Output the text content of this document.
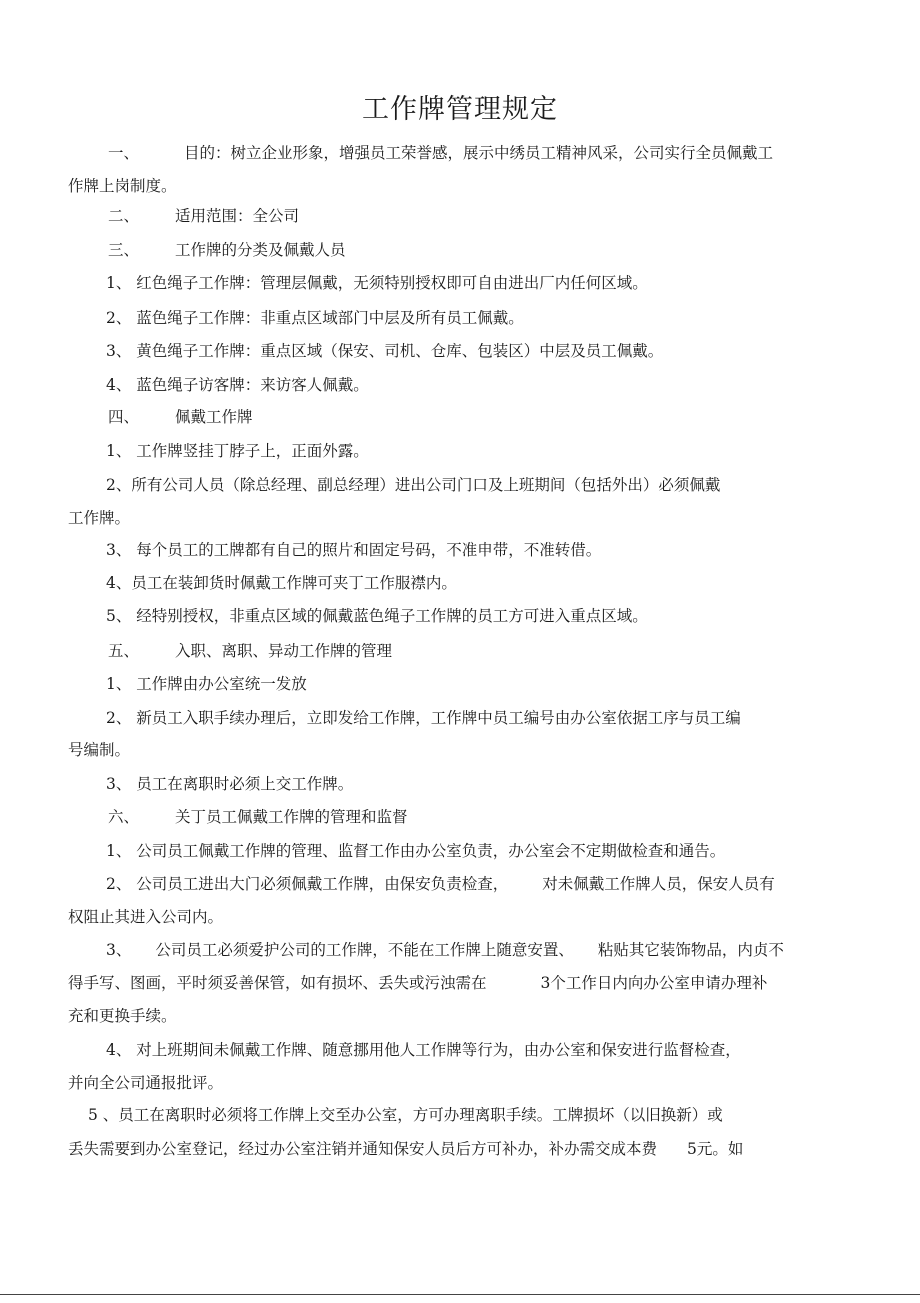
工作牌管理规定
一、	目的：树立企业形象，增强员工荣誉感，展示中绣员工精神风采，公司实行全员佩戴工
作牌上岗制度。
二、 适用范围：全公司
三、 工作牌的分类及佩戴人员
1、 红色绳子工作牌：管理层佩戴，无须特别授权即可自由进出厂内任何区域。
2、 蓝色绳子工作牌：非重点区域部门中层及所有员工佩戴。
3、 黄色绳子工作牌：重点区域（保安、司机、仓库、包装区）中层及员工佩戴。
4、 蓝色绳子访客牌：来访客人佩戴。
四、 佩戴工作牌
1、 工作牌竖挂丁脖子上，正面外露。
2、所有公司人员（除总经理、副总经理）进出公司门口及上班期间（包括外出）必须佩戴
工作牌。
3、 每个员工的工牌都有自己的照片和固定号码，不准申带，不准转借。
4、员工在装卸货时佩戴工作牌可夹丁工作服襟内。
5、 经特别授权，非重点区域的佩戴蓝色绳子工作牌的员工方可进入重点区域。
五、 入职、离职、异动工作牌的管理
1、 工作牌由办公室统一发放
2、 新员工入职手续办理后，立即发给工作牌，工作牌中员工编号由办公室依据工序与员工编
号编制。
3、 员工在离职时必须上交工作牌。
六、 关丁员工佩戴工作牌的管理和监督
1、 公司员工佩戴工作牌的管理、监督工作由办公室负责，办公室会不定期做检查和通告。
2、 公司员工进出大门必须佩戴工作牌，由保安负责检查， 对未佩戴工作牌人员，保安人员有
权阻止其进入公司内。
3、 公司员工必须爱护公司的工作牌，不能在工作牌上随意安置、 粘贴其它装饰物品，内贞不
得手写、图画，平时须妥善保管，如有损坏、丢失或污浊需在	3个工作日内向办公室申请办理补
充和更换手续。
4、 对上班期间未佩戴工作牌、随意挪用他人工作牌等行为，由办公室和保安进行监督检查，
并向全公司通报批评。
5 、员工在离职时必须将工作牌上交至办公室，方可办理离职手续。工牌损坏（以旧换新）或
丢失需要到办公室登记，经过办公室注销并通知保安人员后方可补办，补办需交成本费 5元。如
